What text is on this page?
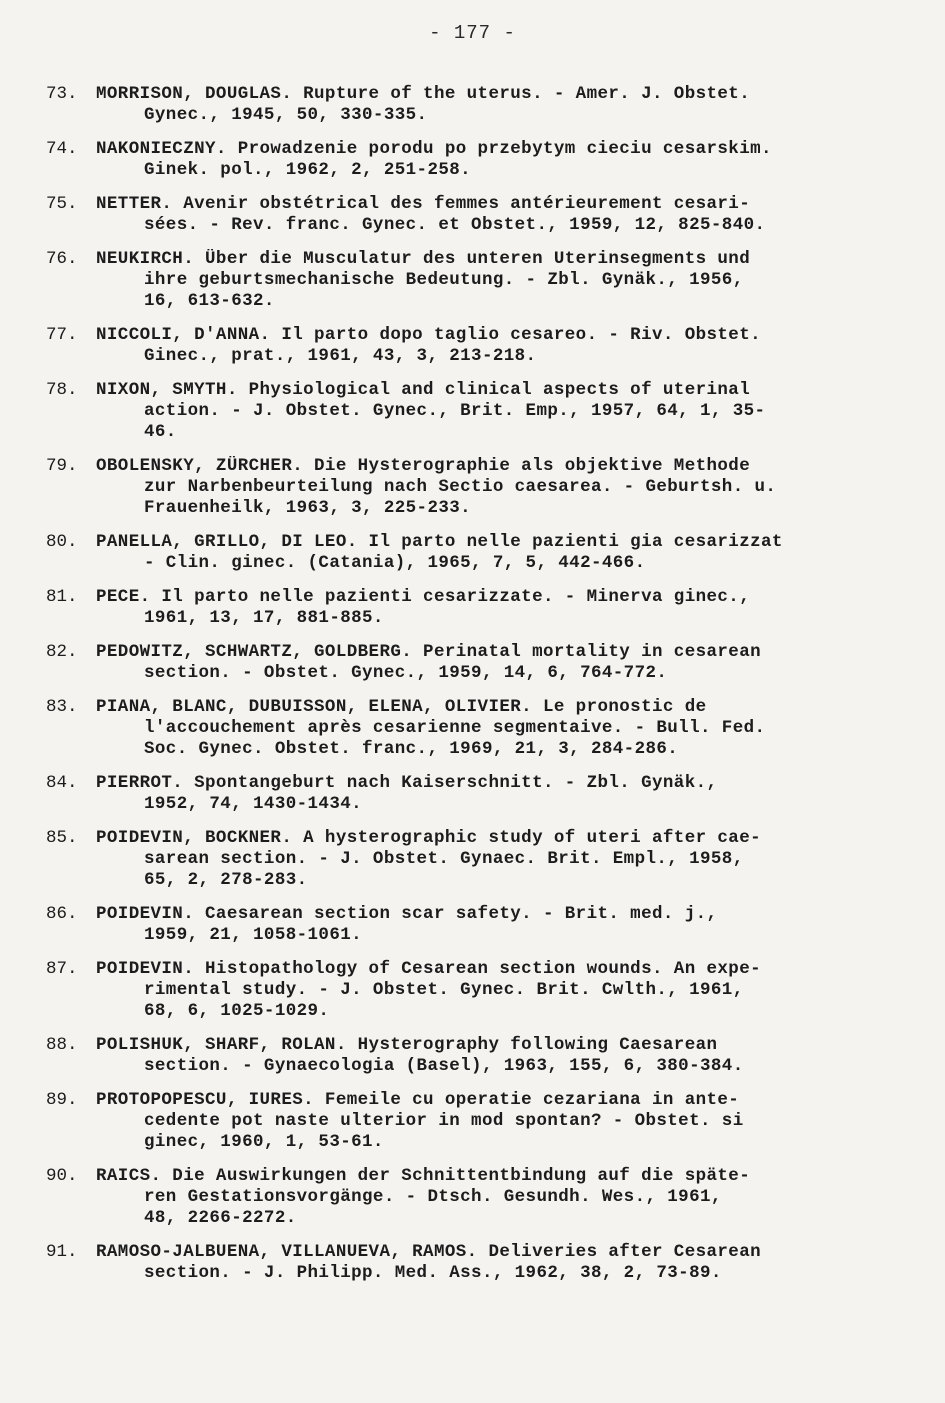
- 177 -
73.	MORRISON, DOUGLAS. Rupture of the uterus. - Amer. J. Obstet.
Gynec., 1945, 50, 330-335.
74.	NAKONIECZNY. Prowadzenie porodu po przebytym cieciu cesarskim.
Ginek. pol., 1962, 2, 251-258.
75.	NETTER. Avenir obstétrical des femmes antérieurement cesari-
sées. - Rev. franc. Gynec. et Obstet., 1959, 12, 825-840.
76.	NEUKIRCH. Über die Musculatur des unteren Uterinsegments und
ihre geburtsmechanische Bedeutung. - Zbl. Gynäk., 1956,
16, 613-632.
77.	NICCOLI, D'ANNA. Il parto dopo taglio cesareo. - Riv. Obstet.
Ginec., prat., 1961, 43, 3, 213-218.
78.	NIXON, SMYTH. Physiological and clinical aspects of uterinal
action. - J. Obstet. Gynec., Brit. Emp., 1957, 64, 1, 35-
46.
79.	OBOLENSKY, ZÜRCHER. Die Hysterographie als objektive Methode
zur Narbenbeurteilung nach Sectio caesarea. - Geburtsh. u.
Frauenheilk, 1963, 3, 225-233.
80.	PANELLA, GRILLO, DI LEO. Il parto nelle pazienti gia cesarizzat
- Clin. ginec. (Catania), 1965, 7, 5, 442-466.
81.	PECE. Il parto nelle pazienti cesarizzate. - Minerva ginec.,
1961, 13, 17, 881-885.
82.	PEDOWITZ, SCHWARTZ, GOLDBERG. Perinatal mortality in cesarean
section. - Obstet. Gynec., 1959, 14, 6, 764-772.
83.	PIANA, BLANC, DUBUISSON, ELENA, OLIVIER. Le pronostic de
l'accouchement après cesarienne segmentaive. - Bull. Fed.
Soc. Gynec. Obstet. franc., 1969, 21, 3, 284-286.
84.	PIERROT. Spontangeburt nach Kaiserschnitt. - Zbl. Gynäk.,
1952, 74, 1430-1434.
85.	POIDEVIN, BOCKNER. A hysterographic study of uteri after cae-
sarean section. - J. Obstet. Gynaec. Brit. Empl., 1958,
65, 2, 278-283.
86.	POIDEVIN. Caesarean section scar safety. - Brit. med. j.,
1959, 21, 1058-1061.
87.	POIDEVIN. Histopathology of Cesarean section wounds. An expe-
rimental study. - J. Obstet. Gynec. Brit. Cwlth., 1961,
68, 6, 1025-1029.
88.	POLISHUK, SHARF, ROLAN. Hysterography following Caesarean
section. - Gynaecologia (Basel), 1963, 155, 6, 380-384.
89.	PROTOPOPESCU, IURES. Femeile cu operatie cezariana in ante-
cedente pot naste ulterior in mod spontan? - Obstet. si
ginec, 1960, 1, 53-61.
90.	RAICS. Die Auswirkungen der Schnittentbindung auf die späte-
ren Gestationsvorgänge. - Dtsch. Gesundh. Wes., 1961,
48, 2266-2272.
91.	RAMOSO-JALBUENA, VILLANUEVA, RAMOS. Deliveries after Cesarean
section. - J. Philipp. Med. Ass., 1962, 38, 2, 73-89.
